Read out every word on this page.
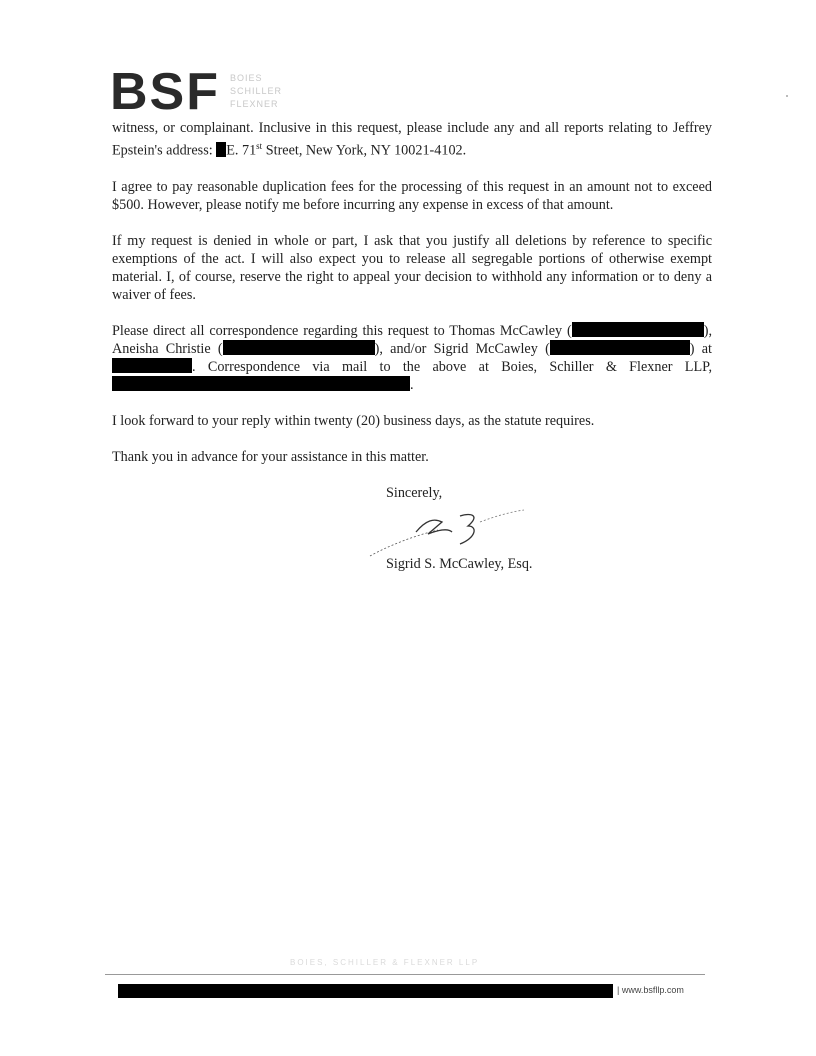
BSF BOIES
SCHILLER
FLEXNER

witness, or complainant. Inclusive in this request, please include any and all reports relating to Jeffrey Epstein's address: E. 71st Street, New York, NY 10021-4102.

I agree to pay reasonable duplication fees for the processing of this request in an amount not to exceed $500. However, please notify me before incurring any expense in excess of that amount.

If my request is denied in whole or part, I ask that you justify all deletions by reference to specific exemptions of the act. I will also expect you to release all segregable portions of otherwise exempt material. I, of course, reserve the right to appeal your decision to withhold any information or to deny a waiver of fees.

Please direct all correspondence regarding this request to Thomas McCawley (	), Aneisha Christie (	), and/or Sigrid McCawley (	) at . Correspondence via mail to the above at Boies, Schiller & Flexner LLP, .

I look forward to your reply within twenty (20) business days, as the statute requires.

Thank you in advance for your assistance in this matter.

Sincerely,
Sigrid S. McCawley, Esq.
BOIES, SCHILLER & FLEXNER LLP
| www.bsfllp.com
